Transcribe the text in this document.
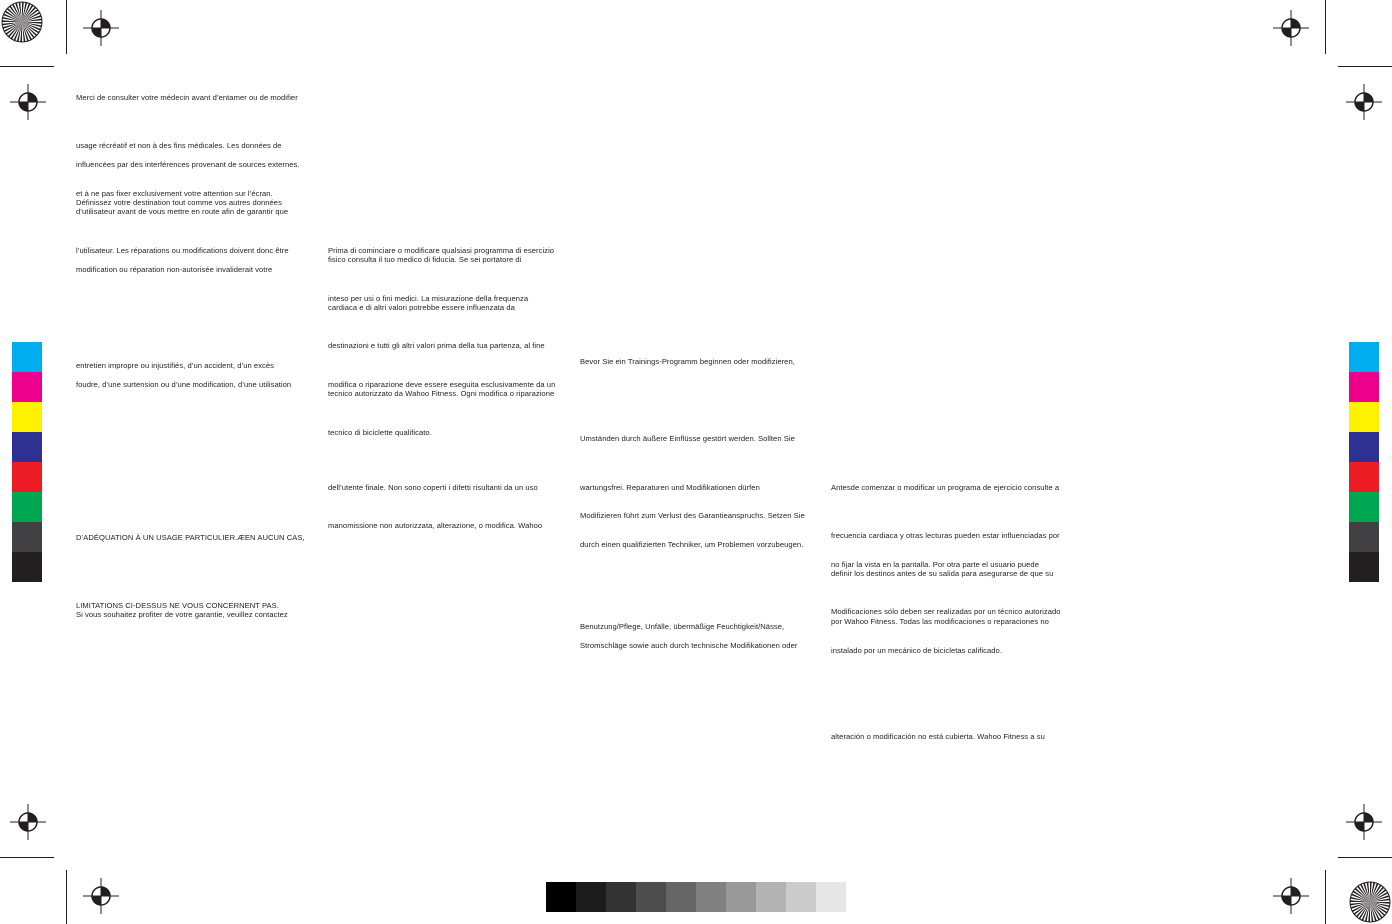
Merci de consulter votre médecin avant d’entamer ou de modifier
usage récréatif et non à des fins médicales. Les données de
influencées par des interférences provenant de sources externes.
et à ne pas fixer exclusivement votre attention sur l’écran.
Définissez votre destination tout comme vos autres données
d’utilisateur avant de vous mettre en route afin de garantir que
l’utilisateur. Les réparations ou modifications doivent donc être
modification ou réparation non-autorisée invaliderait votre
entretien impropre ou injustifiés, d’un accident, d’un excès
foudre, d’une surtension ou d’une modification, d’une utilisation
D’ADÉQUATION À UN USAGE PARTICULIER.ÆEN AUCUN CAS,
LIMITATIONS CI-DESSUS NE VOUS CONCERNENT PAS.
Si vous souhaitez profiter de votre garantie, veuillez contactez
Prima di cominciare o modificare qualsiasi programma di esercizio
fisico consulta il tuo medico di fiducia. Se sei portatore di
inteso per usi o fini medici. La misurazione della frequenza
cardiaca e di altri valori potrebbe essere influenzata da
destinazioni e tutti gli altri valori prima della tua partenza, al fine
modifica o riparazione deve essere eseguita esclusivamente da un
tecnico autorizzato da Wahoo Fitness. Ogni modifica o riparazione
tecnico di biciclette qualificato.
dell’utente finale. Non sono coperti i difetti risultanti da un uso
manomissione non autorizzata, alterazione, o modifica. Wahoo
Bevor Sie ein Trainings-Programm beginnen oder modifizieren,
Umständen durch äußere Einflüsse gestört werden. Sollten Sie
wartungsfrei. Reparaturen und Modifikationen dürfen
Modifizieren führt zum Verlust des Garantieanspruchs. Setzen Sie
durch einen qualifizierten Techniker, um Problemen vorzubeugen.
Benutzung/Pflege, Unfälle, übermäßige Feuchtigkeit/Nässe,
Stromschläge sowie auch durch technische Modifikationen oder
Antesde comenzar o modificar un programa de ejercicio consulte a
frecuencia cardiaca y otras lecturas pueden estar influenciadas por
no fijar la vista en la pantalla. Por otra parte el usuario puede
definir los destinos antes de su salida para asegurarse de que su
Modificaciones sólo deben ser realizadas por un técnico autorizado
por Wahoo Fitness. Todas las modificaciones o reparaciones no
instalado por un mecánico de bicicletas calificado.
alteración o modificación no está cubierta. Wahoo Fitness a su
